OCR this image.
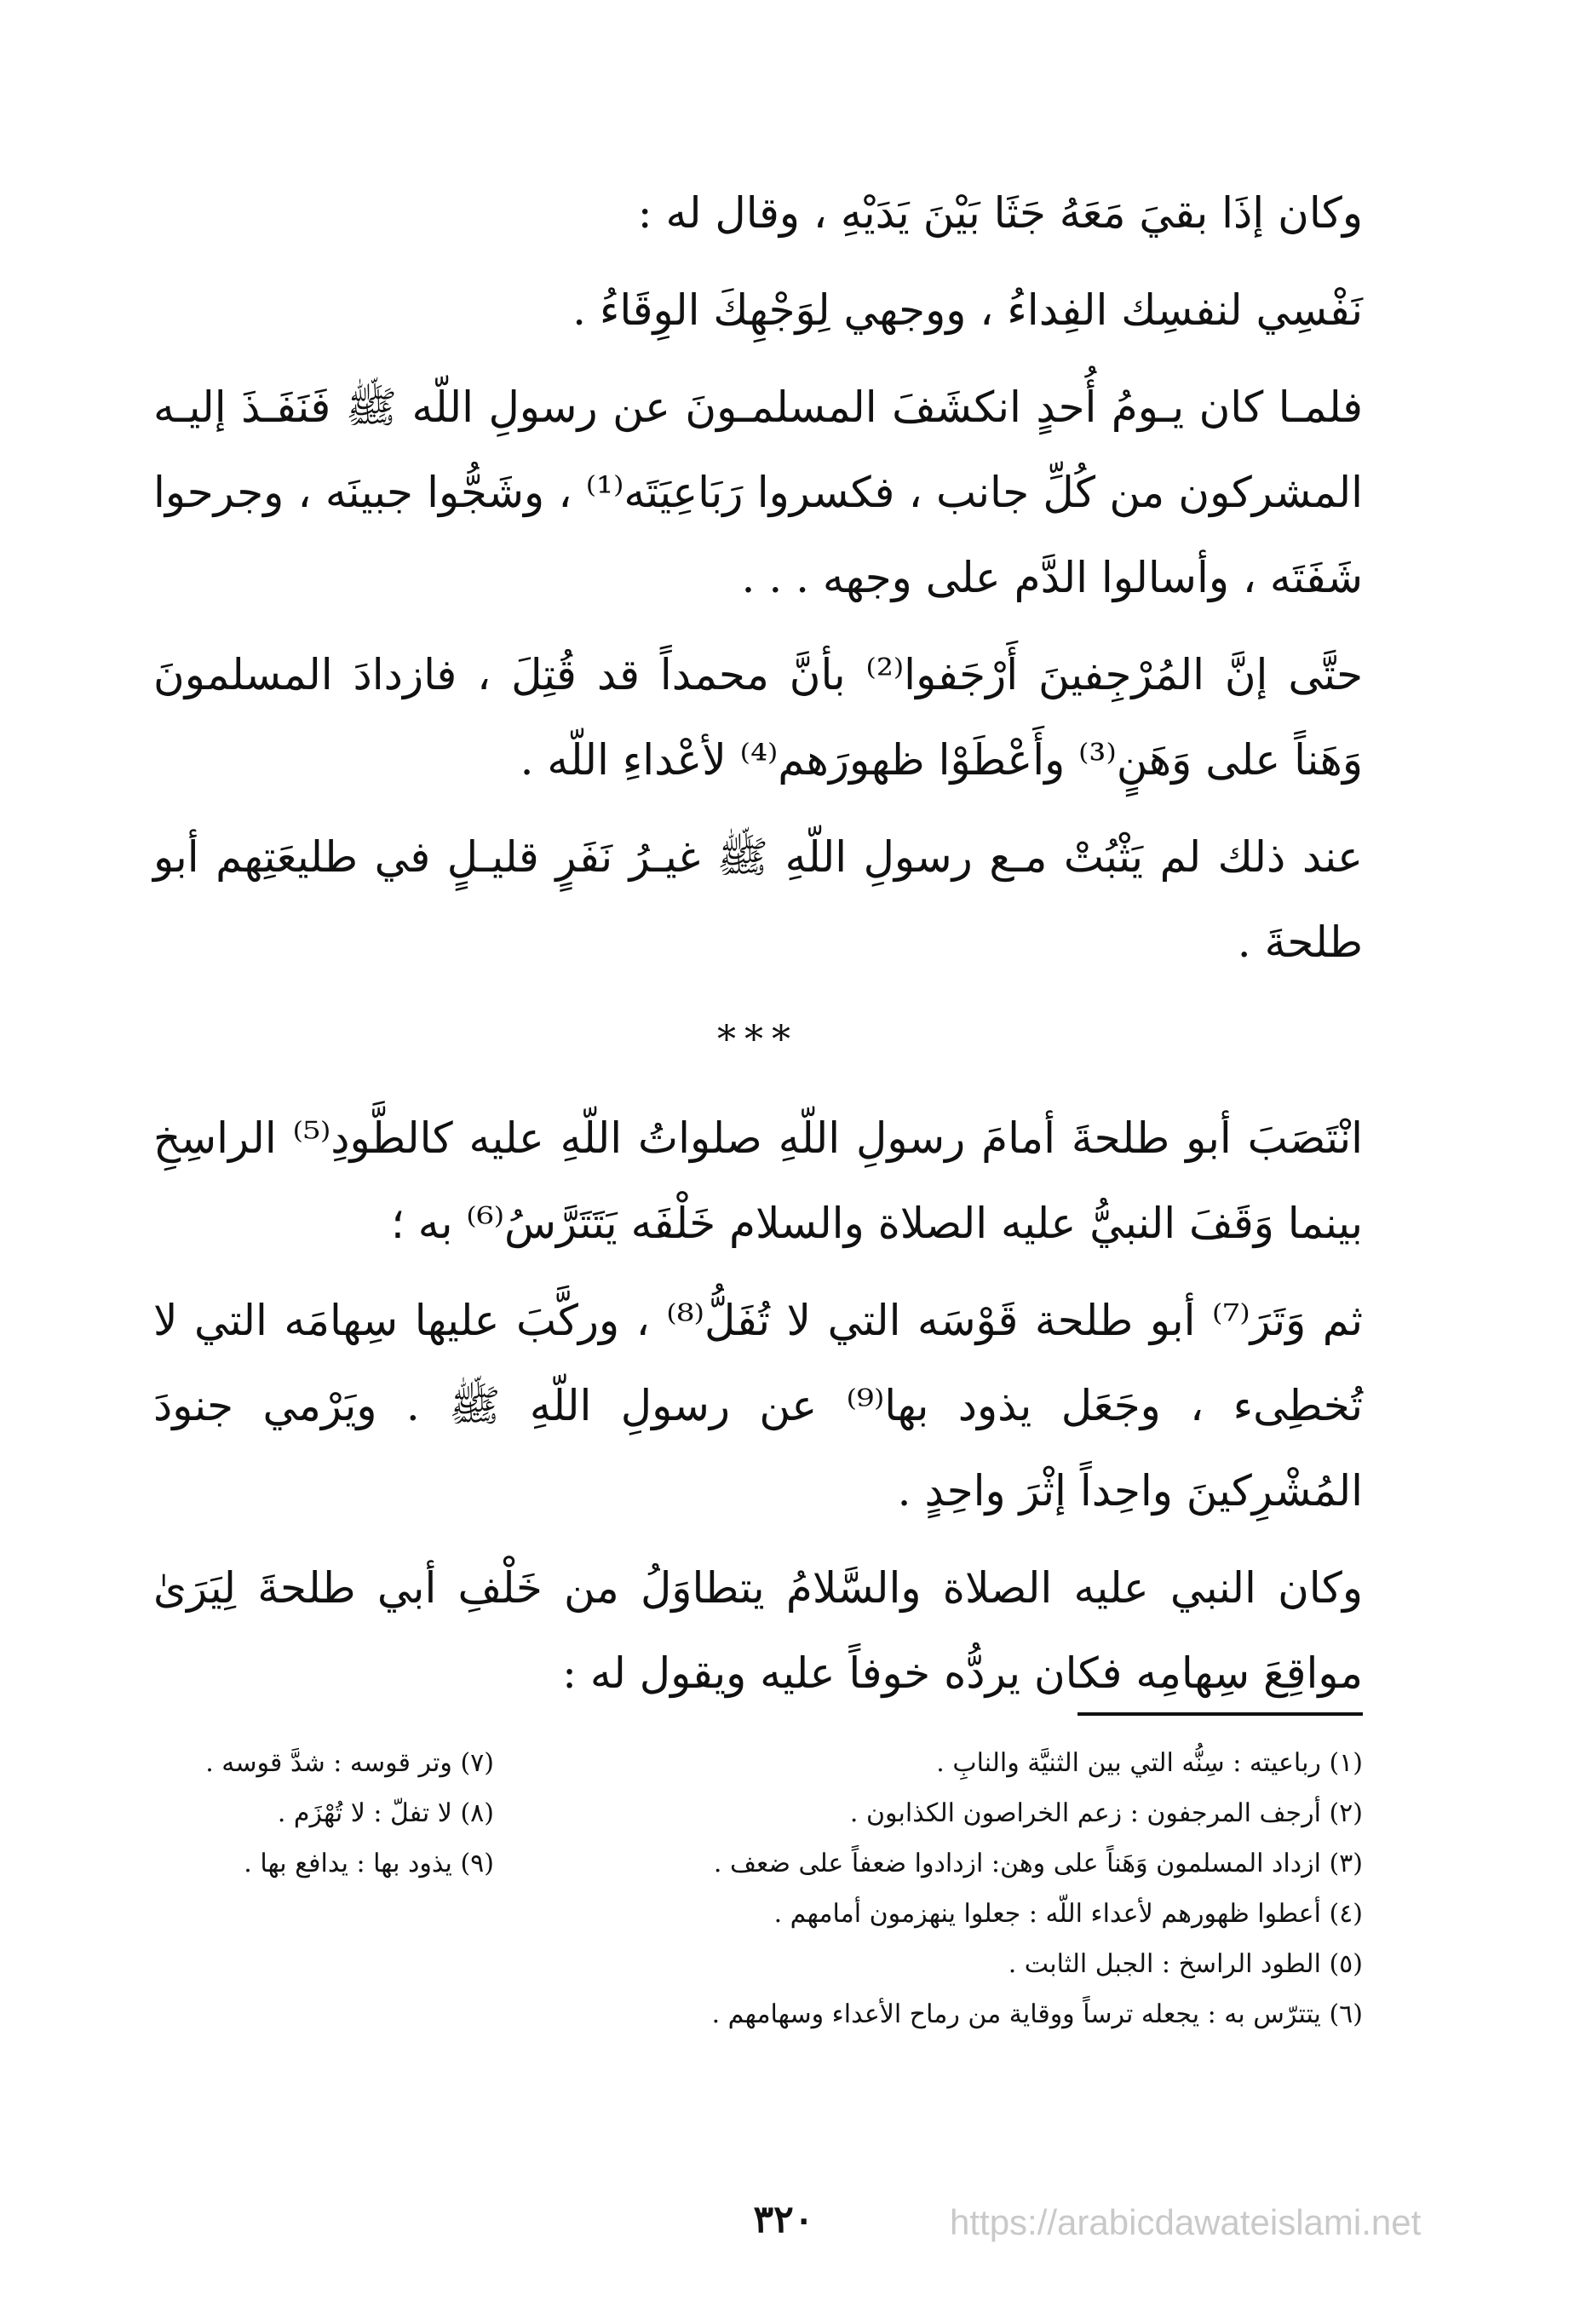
وكان إذَا بقيَ مَعَهُ جَثَا بَيْنَ يَدَيْهِ ، وقال له :

نَفْسِي لنفسِك الفِداءُ ، ووجهي لِوَجْهِكَ الوِقَاءُ .

فلمـا كان يـومُ أُحدٍ انكشَفَ المسلمـونَ عن رسولِ اللّه ﷺ فَنَفَـذَ إليـه المشركون من كُلِّ جانب ، فكسروا رَبَاعِيَتَه⁽¹⁾ ، وشَجُّوا جبينَه ، وجرحوا شَفَتَه ، وأسالوا الدَّم على وجهه . . .

حتَّى إنَّ المُرْجِفينَ أَرْجَفوا⁽²⁾ بأنَّ محمداً قد قُتِلَ ، فازدادَ المسلمونَ وَهَناً على وَهَنٍ⁽³⁾ وأَعْطَوْا ظهورَهم⁽⁴⁾ لأعْداءِ اللّه .

عند ذلك لم يَثْبُتْ مـع رسولِ اللّهِ ﷺ غيـرُ نَفَرٍ قليـلٍ في طليعَتِهم أبو طلحةَ .

***

انْتَصَبَ أبو طلحةَ أمامَ رسولِ اللّهِ صلواتُ اللّهِ عليه كالطَّودِ⁽⁵⁾ الراسِخِ بينما وَقَفَ النبيُّ عليه الصلاة والسلام خَلْفَه يَتَتَرَّسُ⁽⁶⁾ به ؛

ثم وَتَرَ⁽⁷⁾ أبو طلحة قَوْسَه التي لا تُفَلُّ⁽⁸⁾ ، وركَّبَ عليها سِهامَه التي لا تُخطِىء ، وجَعَل يذود بها⁽⁹⁾ عن رسولِ اللّهِ ﷺ . ويَرْمي جنودَ المُشْرِكينَ واحِداً إثْرَ واحِدٍ .

وكان النبي عليه الصلاة والسَّلامُ يتطاوَلُ من خَلْفِ أبي طلحةَ لِيَرَىٰ مواقِعَ سِهامِه فكان يردُّه خوفاً عليه ويقول له :

(١) رباعيته : سِنُّه التي بين الثنيَّة والنابِ .
(٢) أرجف المرجفون : زعم الخراصون الكذابون .
(٣) ازداد المسلمون وَهَناً على وهن: ازدادوا ضعفاً على ضعف .
(٤) أعطوا ظهورهم لأعداء اللّه : جعلوا ينهزمون أمامهم .
(٥) الطود الراسخ : الجبل الثابت .
(٦) يتترّس به : يجعله ترساً ووقاية من رماح الأعداء وسهامهم .
(٧) وتر قوسه : شدَّ قوسه .
(٨) لا تفلّ : لا تُهْزَم .
(٩) يذود بها : يدافع بها .
٣٢٠	https://arabicdawateislami.net
